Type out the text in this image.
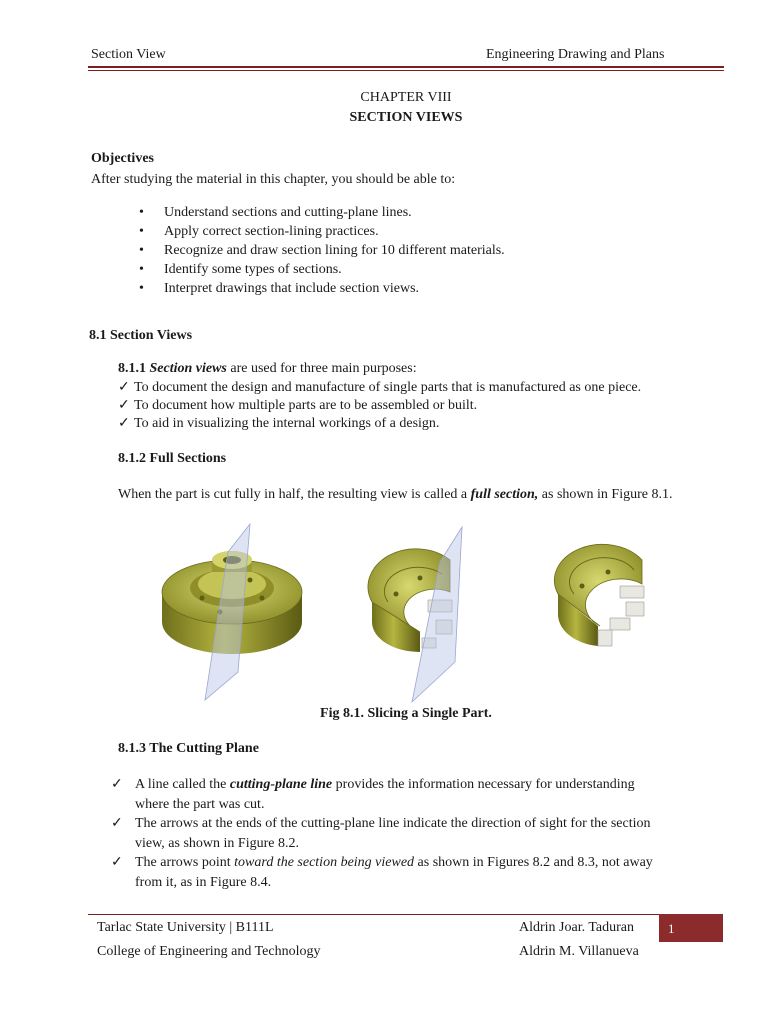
Section View	Engineering Drawing and Plans
CHAPTER VIII
SECTION VIEWS
Objectives
After studying the material in this chapter, you should be able to:
• Understand sections and cutting-plane lines.
• Apply correct section-lining practices.
• Recognize and draw section lining for 10 different materials.
• Identify some types of sections.
• Interpret drawings that include section views.
8.1 Section Views
8.1.1 Section views are used for three main purposes:
✓ To document the design and manufacture of single parts that is manufactured as one piece.
✓ To document how multiple parts are to be assembled or built.
✓ To aid in visualizing the internal workings of a design.
8.1.2 Full Sections
When the part is cut fully in half, the resulting view is called a full section, as shown in Figure 8.1.
Fig 8.1. Slicing a Single Part.
8.1.3 The Cutting Plane
✓ A line called the cutting-plane line provides the information necessary for understanding
where the part was cut.
✓ The arrows at the ends of the cutting-plane line indicate the direction of sight for the section
view, as shown in Figure 8.2.
✓ The arrows point toward the section being viewed as shown in Figures 8.2 and 8.3, not away
from it, as in Figure 8.4.
1
Tarlac State University | B111L
College of Engineering and Technology
Aldrin Joar. Taduran
Aldrin M. Villanueva
